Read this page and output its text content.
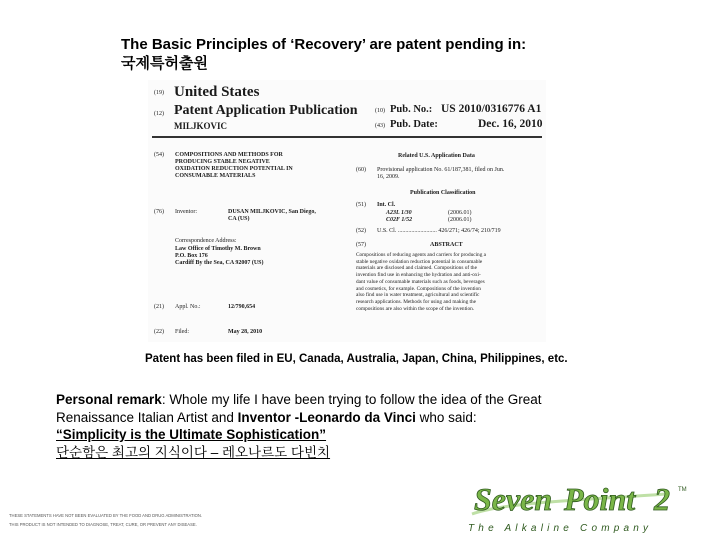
The Basic Principles of ‘Recovery’ are patent pending in:
국제특허출원
(19) United States
(12) Patent Application Publication
MILJKOVIC
(10) Pub. No.: US 2010/0316776 A1
(43) Pub. Date:	Dec. 16, 2010
(54) COMPOSITIONS AND METHODS FOR
PRODUCING STABLE NEGATIVE
OXIDATION REDUCTION POTENTIAL IN
CONSUMABLE MATERIALS
Related U.S. Application Data
(60) Provisional application No. 61/187,381, filed on Jun.
16, 2009.
Publication Classification
(76) Inventor:	DUSAN MILJKOVIC, San Diego,
CA (US)
(51) Int. Cl.
A23L 1/30	(2006.01)
C02F 1/52	(2006.01)
(52) U.S. Cl. .......................... 426/271; 426/74; 210/719
Correspondence Address:
Law Office of Timothy M. Brown
P.O. Box 176
Cardiff By the Sea, CA 92007 (US)
(57)	ABSTRACT
Compositions of reducing agents and carriers for producing a
stable negative oxidation reduction potential in consumable
materials are disclosed and claimed. Compositions of the
invention find use in enhancing the hydration and anti-oxi-
dant value of consumable materials such as foods, beverages
and cosmetics, for example. Compositions of the invention
also find use in water treatment, agricultural and scientific
research applications. Methods for using and making the
compositions are also within the scope of the invention.
(21) Appl. No.:	12/790,654
(22) Filed:	May 28, 2010
Patent has been filed in EU, Canada, Australia, Japan, China, Philippines, etc.
Personal remark: Whole my life I have been trying to follow the idea of the Great Renaissance Italian Artist and Inventor -Leonardo da Vinci who said:
“Simplicity is the Ultimate Sophistication”
단순함은 최고의 지식이다 – 레오나르도 다빈치
THESE STATEMENTS HAVE NOT BEEN EVALUATED BY THE FOOD AND DRUG ADMINISTRATION.
THIS PRODUCT IS NOT INTENDED TO DIAGNOSE, TREAT, CURE, OR PREVENT ANY DISEASE.
Seven Point 2 TM
The Alkaline Company
